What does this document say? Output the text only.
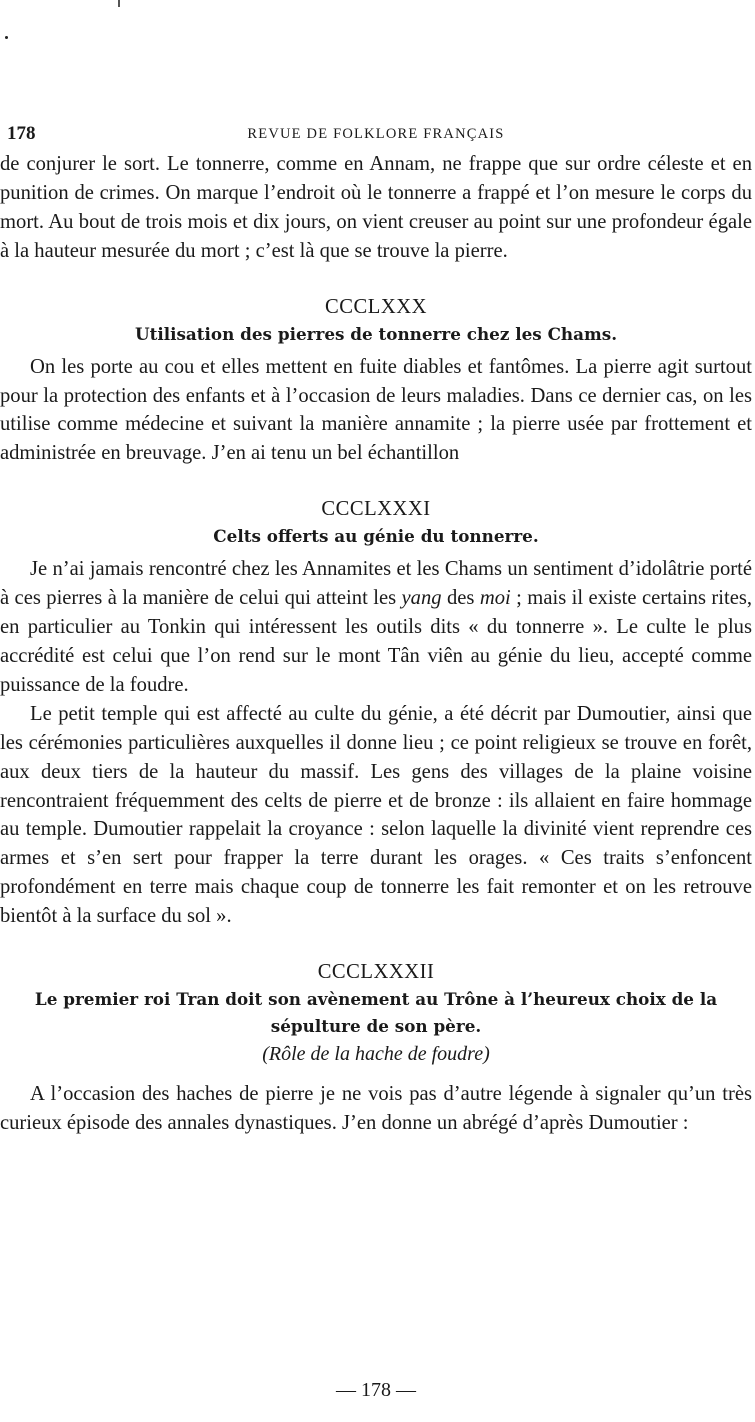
178	REVUE DE FOLKLORE FRANÇAIS

de conjurer le sort. Le tonnerre, comme en Annam, ne frappe que sur ordre céleste et en punition de crimes. On marque l’endroit où le tonnerre a frappé et l’on mesure le corps du mort. Au bout de trois mois et dix jours, on vient creuser au point sur une profondeur égale à la hauteur mesurée du mort ; c’est là que se trouve la pierre.

CCCLXXX
Utilisation des pierres de tonnerre chez les Chams.

On les porte au cou et elles mettent en fuite diables et fantômes. La pierre agit surtout pour la protection des enfants et à l’occasion de leurs maladies. Dans ce dernier cas, on les utilise comme médecine et suivant la manière annamite ; la pierre usée par frottement et administrée en breuvage. J’en ai tenu un bel échantillon

CCCLXXXI
Celts offerts au génie du tonnerre.

Je n’ai jamais rencontré chez les Annamites et les Chams un sentiment d’idolâtrie porté à ces pierres à la manière de celui qui atteint les yang des moi ; mais il existe certains rites, en particulier au Tonkin qui intéressent les outils dits « du tonnerre ». Le culte le plus accrédité est celui que l’on rend sur le mont Tân viên au génie du lieu, accepté comme puissance de la foudre.

Le petit temple qui est affecté au culte du génie, a été décrit par Dumoutier, ainsi que les cérémonies particulières auxquelles il donne lieu ; ce point religieux se trouve en forêt, aux deux tiers de la hauteur du massif. Les gens des villages de la plaine voisine rencontraient fréquemment des celts de pierre et de bronze : ils allaient en faire hommage au temple. Dumoutier rappelait la croyance : selon laquelle la divinité vient reprendre ces armes et s’en sert pour frapper la terre durant les orages. « Ces traits s’enfoncent profondément en terre mais chaque coup de tonnerre les fait remonter et on les retrouve bientôt à la surface du sol ».

CCCLXXXII
Le premier roi Tran doit son avènement au Trône à l’heureux choix de la sépulture de son père.
(Rôle de la hache de foudre)

A l’occasion des haches de pierre je ne vois pas d’autre légende à signaler qu’un très curieux épisode des annales dynastiques. J’en donne un abrégé d’après Dumoutier :

— 178 —
